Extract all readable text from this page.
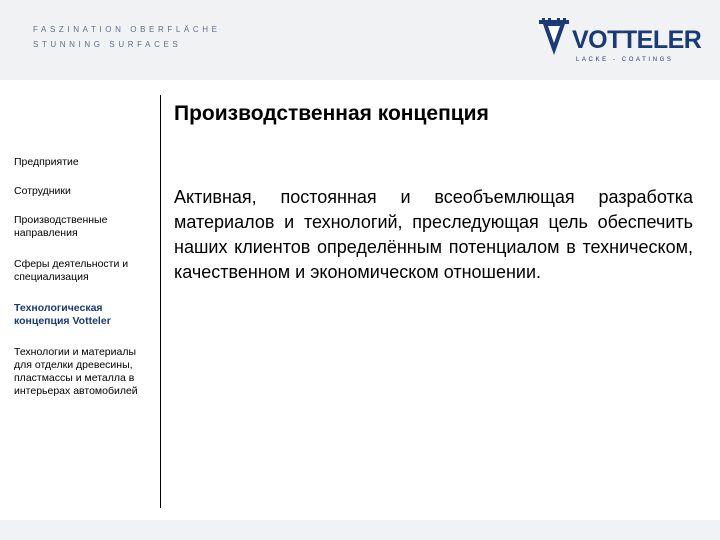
FASZINATION OBERFLÄCHE
STUNNING SURFACES	VOTTELER
LACKE - COATINGS
Производственная концепция
Предприятие
Сотрудники
Производственные направления
Сферы деятельности и специализация
Технологическая концепция Votteler
Технологии и материалы для отделки древесины, пластмассы и металла в интерьерах автомобилей
Активная, постоянная и всеобъемлющая разработка материалов и технологий, преследующая цель обеспечить наших клиентов определённым потенциалом в техническом, качественном и экономическом отношении.
